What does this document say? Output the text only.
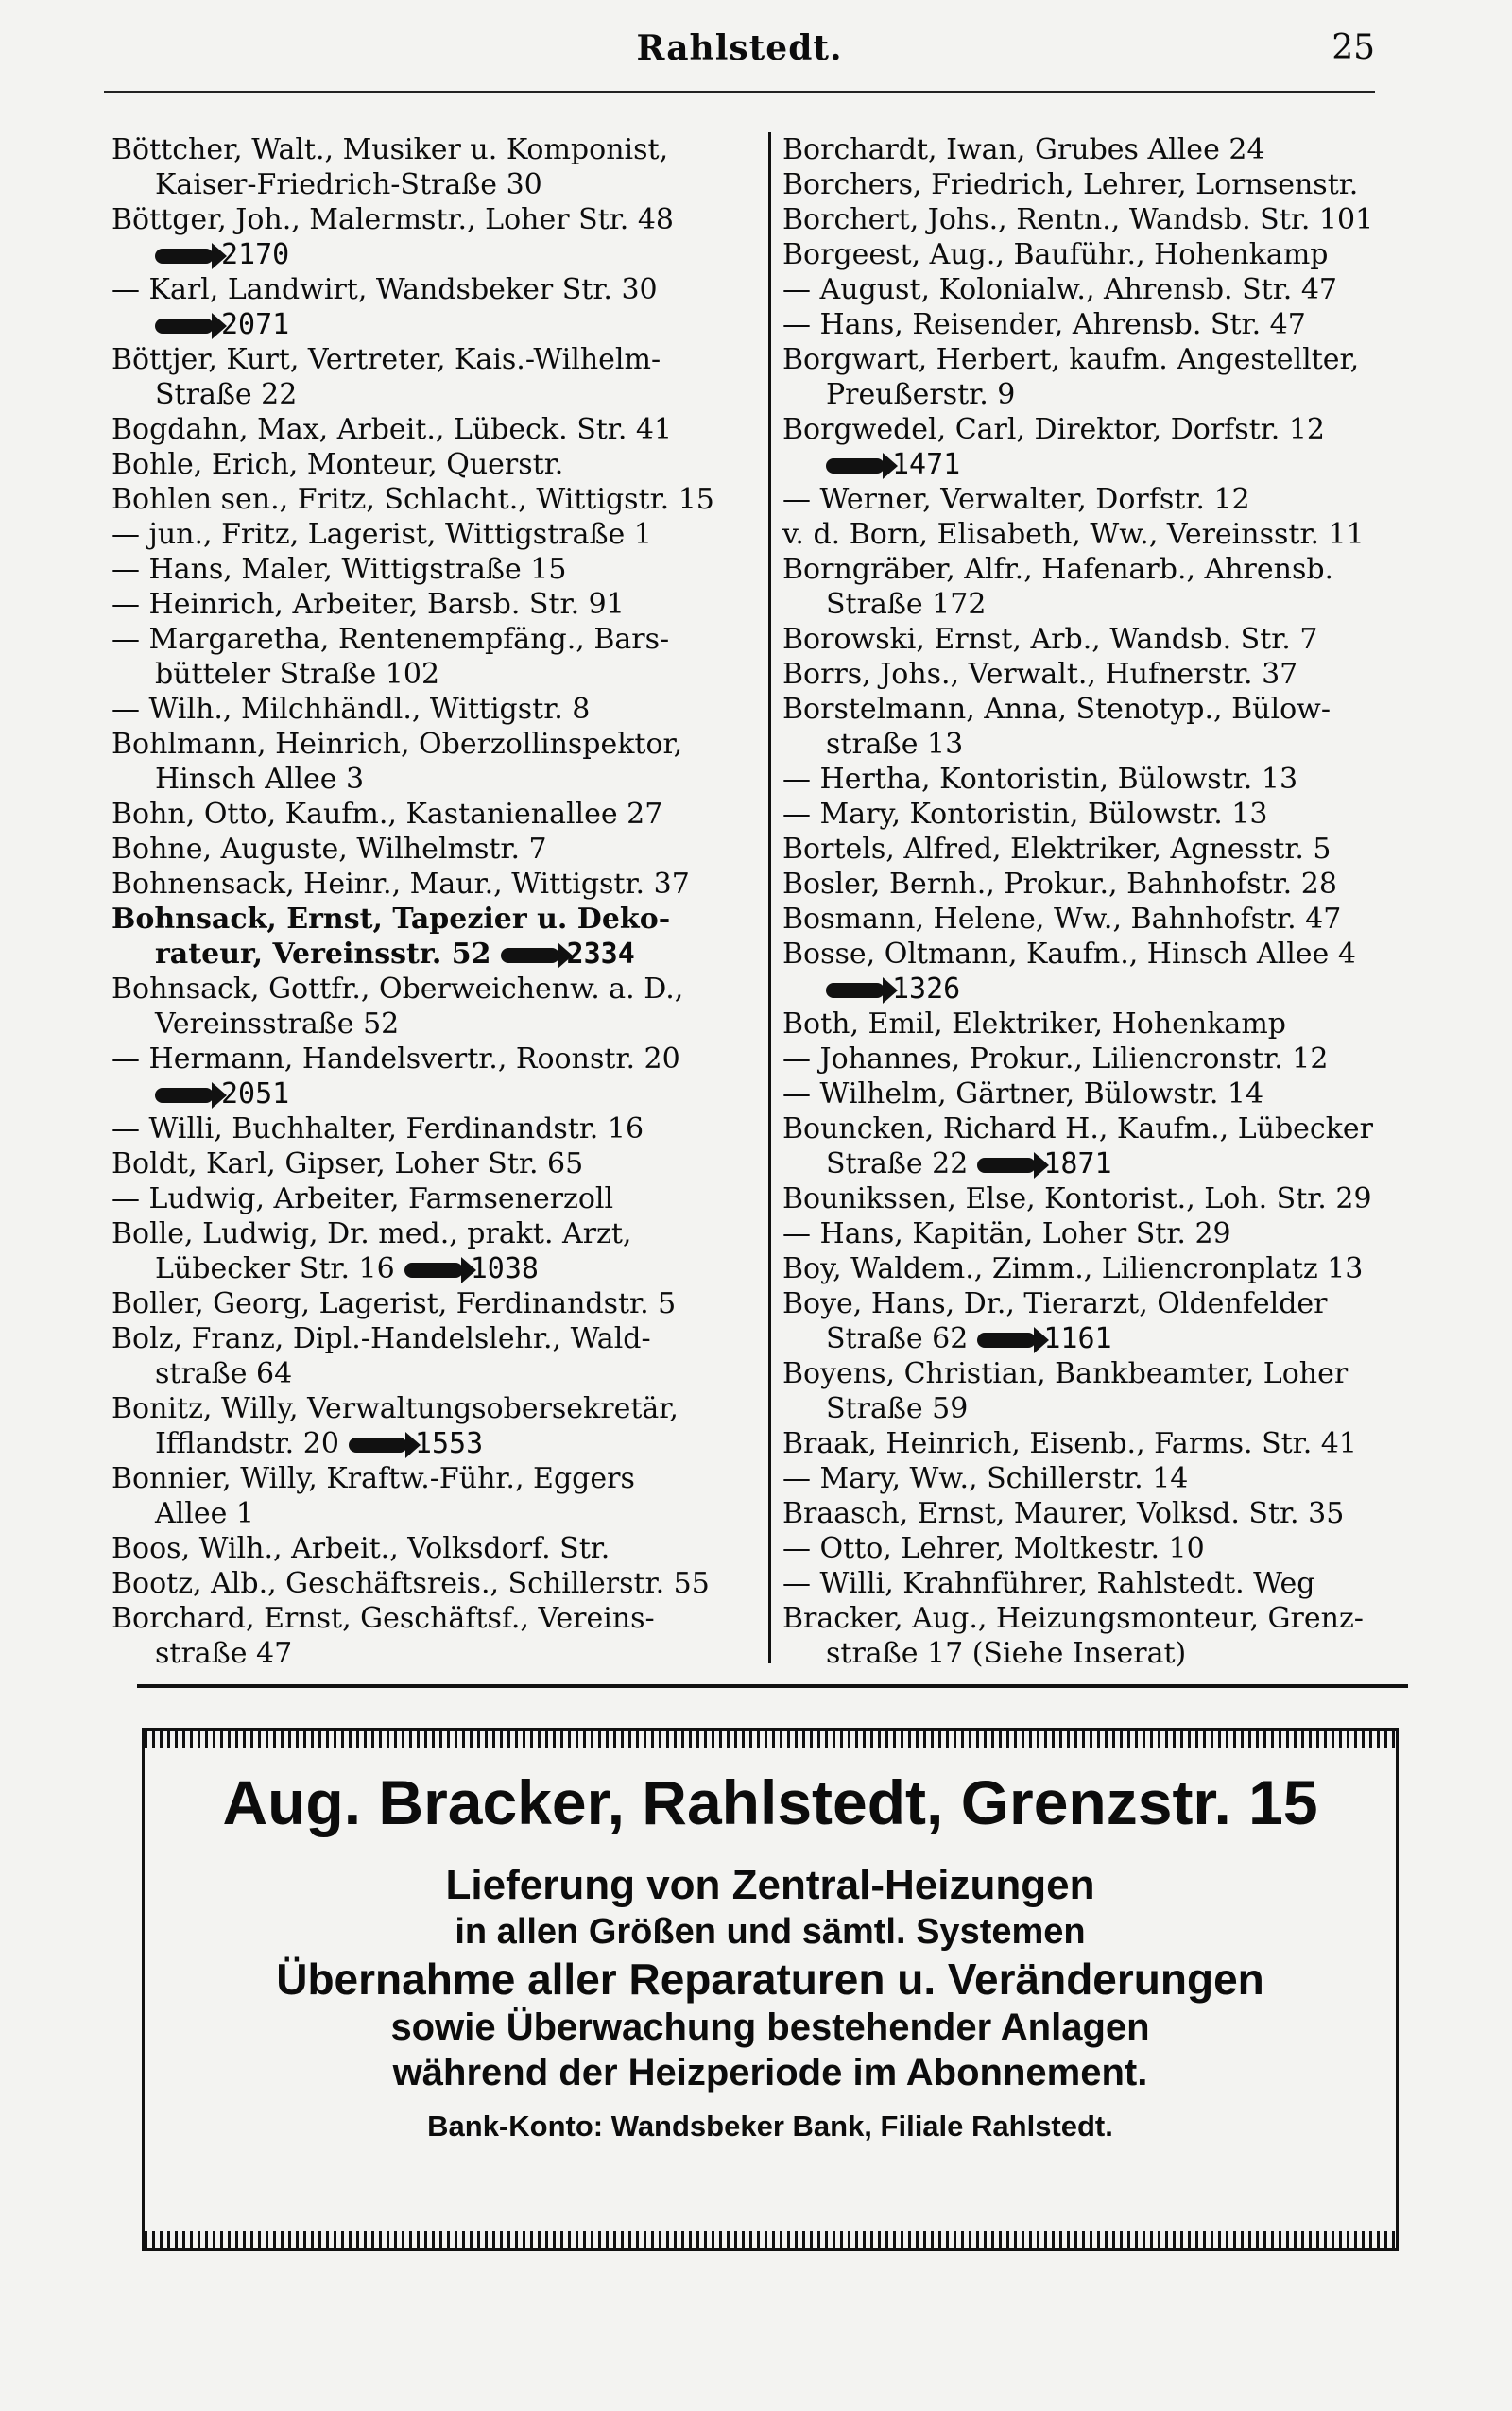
Rahlstedt.	25
Böttcher, Walt., Musiker u. Komponist,
Kaiser-Friedrich-Straße 30
Böttger, Joh., Malermstr., Loher Str. 48
2170
— Karl, Landwirt, Wandsbeker Str. 30
2071
Böttjer, Kurt, Vertreter, Kais.-Wilhelm-
Straße 22
Bogdahn, Max, Arbeit., Lübeck. Str. 41
Bohle, Erich, Monteur, Querstr.
Bohlen sen., Fritz, Schlacht., Wittigstr. 15
— jun., Fritz, Lagerist, Wittigstraße 1
— Hans, Maler, Wittigstraße 15
— Heinrich, Arbeiter, Barsb. Str. 91
— Margaretha, Rentenempfäng., Bars-
bütteler Straße 102
— Wilh., Milchhändl., Wittigstr. 8
Bohlmann, Heinrich, Oberzollinspektor,
Hinsch Allee 3
Bohn, Otto, Kaufm., Kastanienallee 27
Bohne, Auguste, Wilhelmstr. 7
Bohnensack, Heinr., Maur., Wittigstr. 37
Bohnsack, Ernst, Tapezier u. Deko-
rateur, Vereinsstr. 52	2334
Bohnsack, Gottfr., Oberweichenw. a. D.,
Vereinsstraße 52
— Hermann, Handelsvertr., Roonstr. 20
2051
— Willi, Buchhalter, Ferdinandstr. 16
Boldt, Karl, Gipser, Loher Str. 65
— Ludwig, Arbeiter, Farmsenerzoll
Bolle, Ludwig, Dr. med., prakt. Arzt,
Lübecker Str. 16	1038
Boller, Georg, Lagerist, Ferdinandstr. 5
Bolz, Franz, Dipl.-Handelslehr., Wald-
straße 64
Bonitz, Willy, Verwaltungsobersekretär,
Ifflandstr. 20	1553
Bonnier, Willy, Kraftw.-Führ., Eggers
Allee 1
Boos, Wilh., Arbeit., Volksdorf. Str.
Bootz, Alb., Geschäftsreis., Schillerstr. 55
Borchard, Ernst, Geschäftsf., Vereins-
straße 47
Borchardt, Iwan, Grubes Allee 24
Borchers, Friedrich, Lehrer, Lornsenstr.
Borchert, Johs., Rentn., Wandsb. Str. 101
Borgeest, Aug., Bauführ., Hohenkamp
— August, Kolonialw., Ahrensb. Str. 47
— Hans, Reisender, Ahrensb. Str. 47
Borgwart, Herbert, kaufm. Angestellter,
Preußerstr. 9
Borgwedel, Carl, Direktor, Dorfstr. 12
1471
— Werner, Verwalter, Dorfstr. 12
v. d. Born, Elisabeth, Ww., Vereinsstr. 11
Borngräber, Alfr., Hafenarb., Ahrensb.
Straße 172
Borowski, Ernst, Arb., Wandsb. Str. 7
Borrs, Johs., Verwalt., Hufnerstr. 37
Borstelmann, Anna, Stenotyp., Bülow-
straße 13
— Hertha, Kontoristin, Bülowstr. 13
— Mary, Kontoristin, Bülowstr. 13
Bortels, Alfred, Elektriker, Agnesstr. 5
Bosler, Bernh., Prokur., Bahnhofstr. 28
Bosmann, Helene, Ww., Bahnhofstr. 47
Bosse, Oltmann, Kaufm., Hinsch Allee 4
1326
Both, Emil, Elektriker, Hohenkamp
— Johannes, Prokur., Liliencronstr. 12
— Wilhelm, Gärtner, Bülowstr. 14
Bouncken, Richard H., Kaufm., Lübecker
Straße 22	1871
Bounikssen, Else, Kontorist., Loh. Str. 29
— Hans, Kapitän, Loher Str. 29
Boy, Waldem., Zimm., Liliencronplatz 13
Boye, Hans, Dr., Tierarzt, Oldenfelder
Straße 62	1161
Boyens, Christian, Bankbeamter, Loher
Straße 59
Braak, Heinrich, Eisenb., Farms. Str. 41
— Mary, Ww., Schillerstr. 14
Braasch, Ernst, Maurer, Volksd. Str. 35
— Otto, Lehrer, Moltkestr. 10
— Willi, Krahnführer, Rahlstedt. Weg
Bracker, Aug., Heizungsmonteur, Grenz-
straße 17 (Siehe Inserat)
Aug. Bracker, Rahlstedt, Grenzstr. 15
Lieferung von Zentral-Heizungen
in allen Größen und sämtl. Systemen
Übernahme aller Reparaturen u. Veränderungen
sowie Überwachung bestehender Anlagen
während der Heizperiode im Abonnement.
Bank-Konto: Wandsbeker Bank, Filiale Rahlstedt.
